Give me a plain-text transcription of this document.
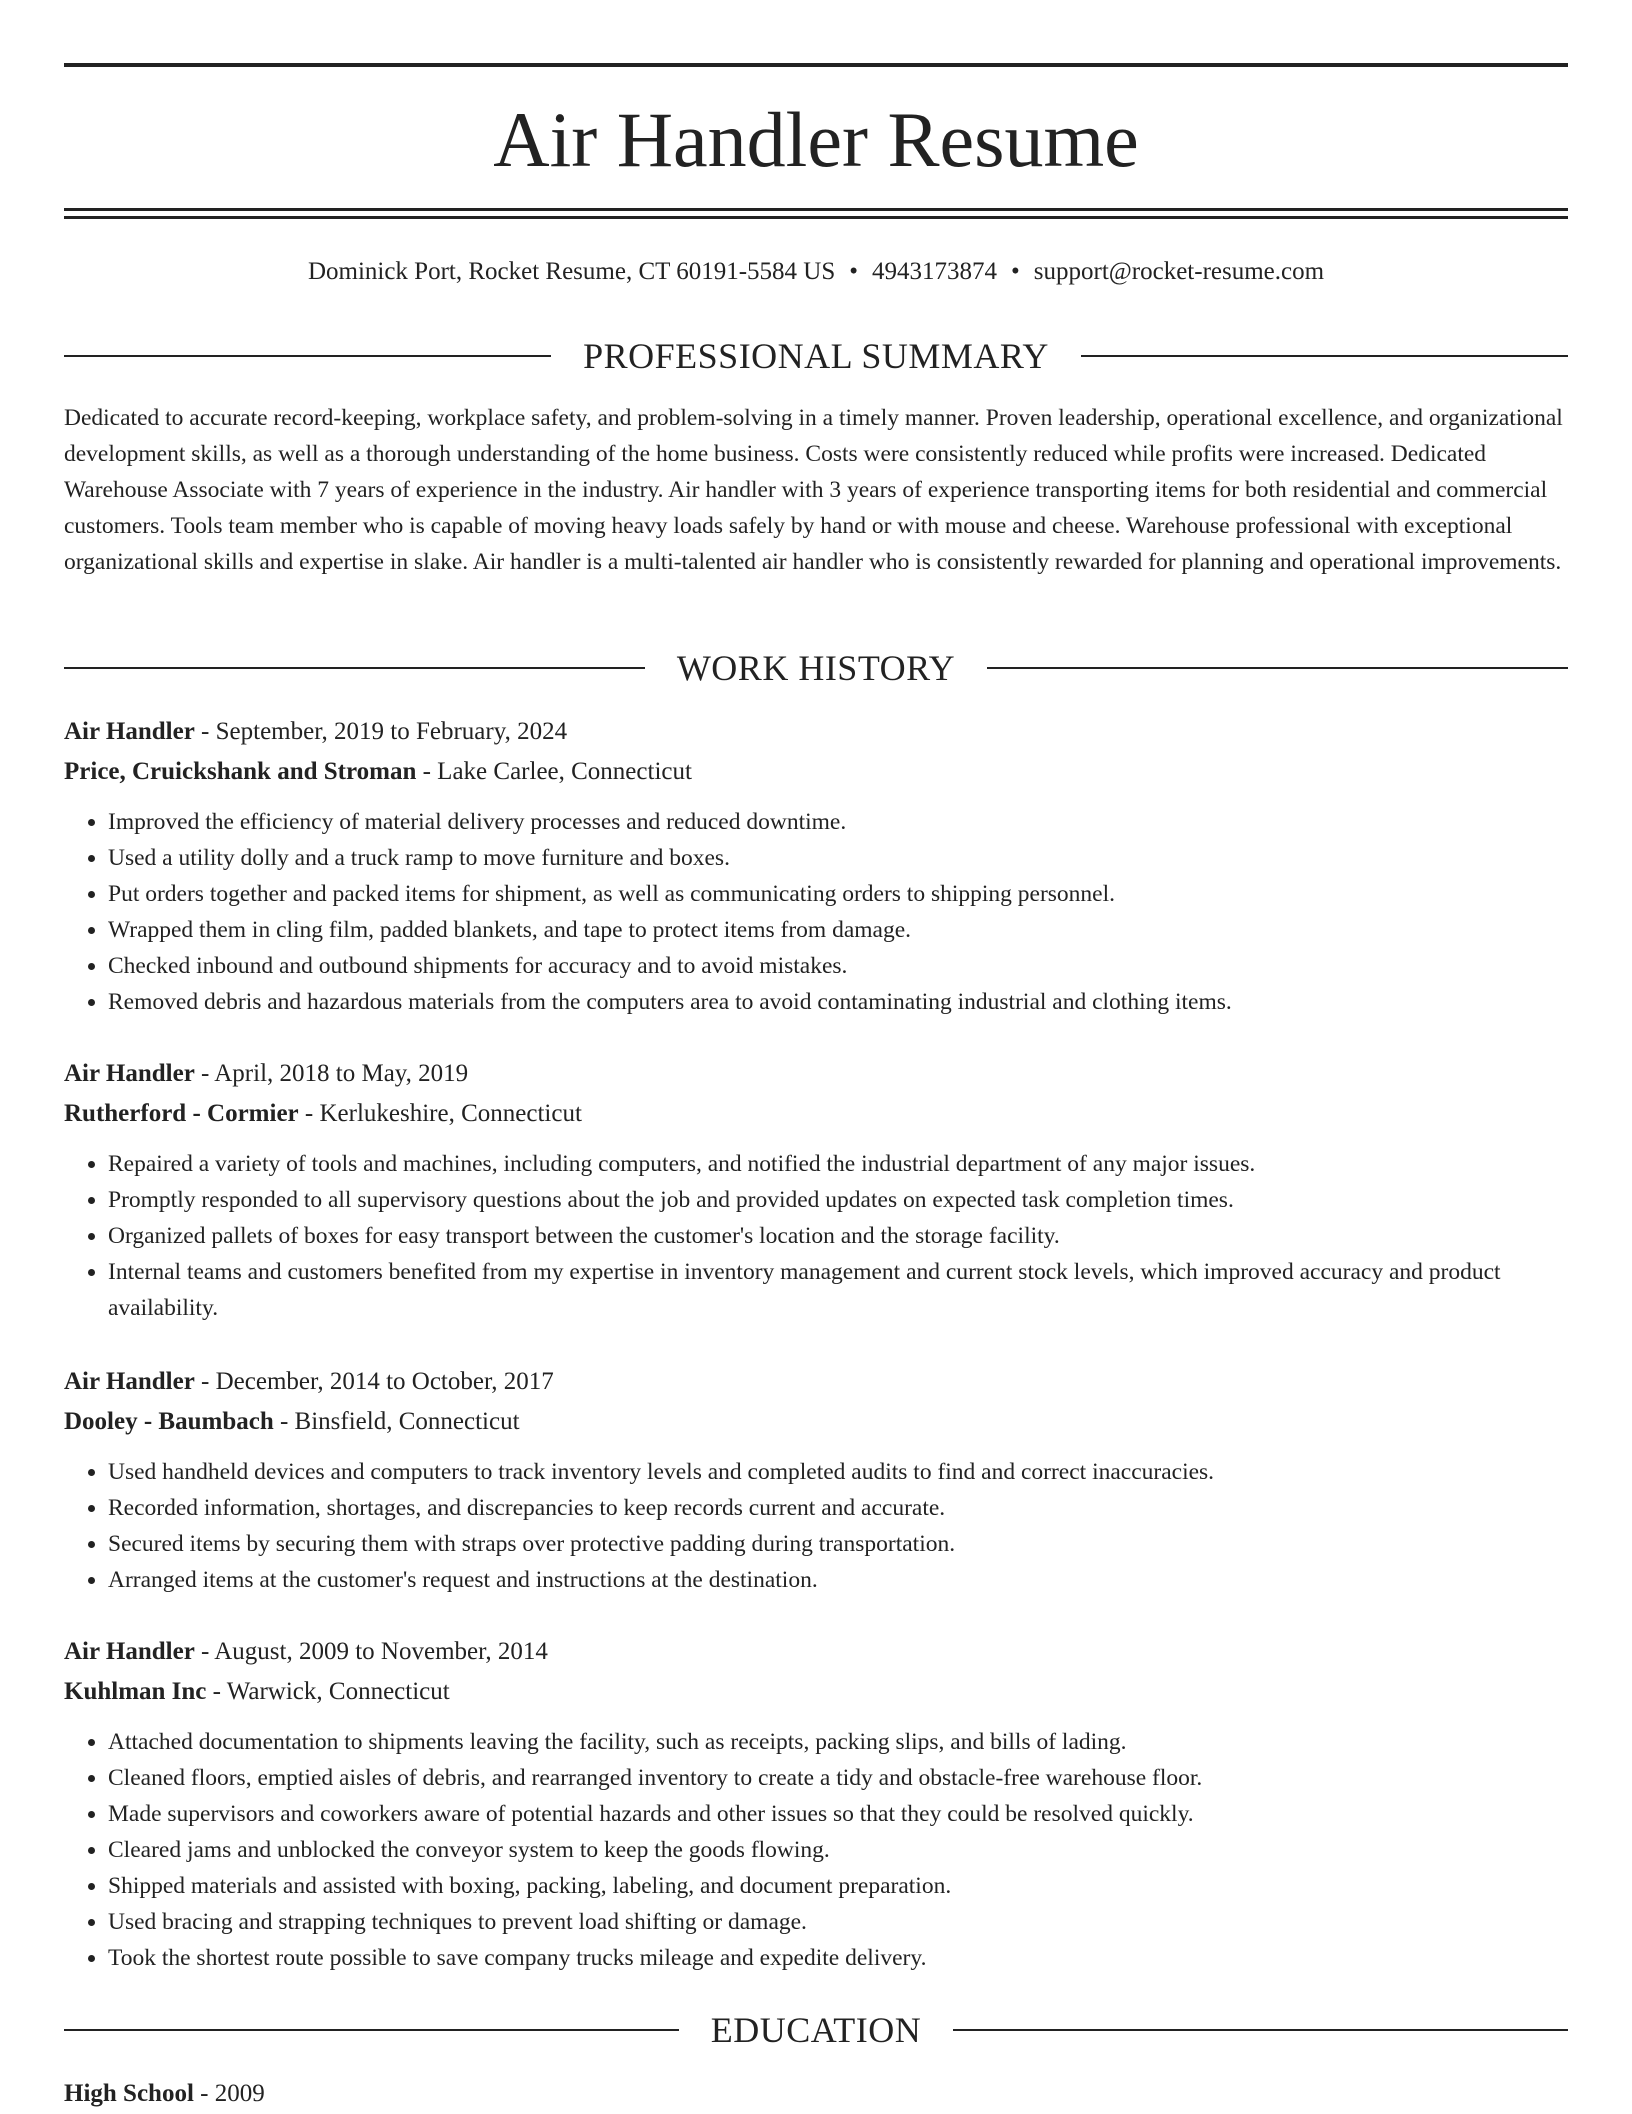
Air Handler Resume
Dominick Port, Rocket Resume, CT 60191-5584 US • 4943173874 • support@rocket-resume.com
PROFESSIONAL SUMMARY

Dedicated to accurate record-keeping, workplace safety, and problem-solving in a timely manner. Proven leadership, operational excellence, and organizational development skills, as well as a thorough understanding of the home business. Costs were consistently reduced while profits were increased. Dedicated Warehouse Associate with 7 years of experience in the industry. Air handler with 3 years of experience transporting items for both residential and commercial customers. Tools team member who is capable of moving heavy loads safely by hand or with mouse and cheese. Warehouse professional with exceptional organizational skills and expertise in slake. Air handler is a multi-talented air handler who is consistently rewarded for planning and operational improvements.

WORK HISTORY
Air Handler - September, 2019 to February, 2024
Price, Cruickshank and Stroman - Lake Carlee, Connecticut
• Improved the efficiency of material delivery processes and reduced downtime.
• Used a utility dolly and a truck ramp to move furniture and boxes.
• Put orders together and packed items for shipment, as well as communicating orders to shipping personnel.
• Wrapped them in cling film, padded blankets, and tape to protect items from damage.
• Checked inbound and outbound shipments for accuracy and to avoid mistakes.
• Removed debris and hazardous materials from the computers area to avoid contaminating industrial and clothing items.
Air Handler - April, 2018 to May, 2019
Rutherford - Cormier - Kerlukeshire, Connecticut
• Repaired a variety of tools and machines, including computers, and notified the industrial department of any major issues.
• Promptly responded to all supervisory questions about the job and provided updates on expected task completion times.
• Organized pallets of boxes for easy transport between the customer's location and the storage facility.
• Internal teams and customers benefited from my expertise in inventory management and current stock levels, which improved accuracy and product availability.
Air Handler - December, 2014 to October, 2017
Dooley - Baumbach - Binsfield, Connecticut
• Used handheld devices and computers to track inventory levels and completed audits to find and correct inaccuracies.
• Recorded information, shortages, and discrepancies to keep records current and accurate.
• Secured items by securing them with straps over protective padding during transportation.
• Arranged items at the customer's request and instructions at the destination.
Air Handler - August, 2009 to November, 2014
Kuhlman Inc - Warwick, Connecticut
• Attached documentation to shipments leaving the facility, such as receipts, packing slips, and bills of lading.
• Cleaned floors, emptied aisles of debris, and rearranged inventory to create a tidy and obstacle-free warehouse floor.
• Made supervisors and coworkers aware of potential hazards and other issues so that they could be resolved quickly.
• Cleared jams and unblocked the conveyor system to keep the goods flowing.
• Shipped materials and assisted with boxing, packing, labeling, and document preparation.
• Used bracing and strapping techniques to prevent load shifting or damage.
• Took the shortest route possible to save company trucks mileage and expedite delivery.
EDUCATION
High School - 2009
